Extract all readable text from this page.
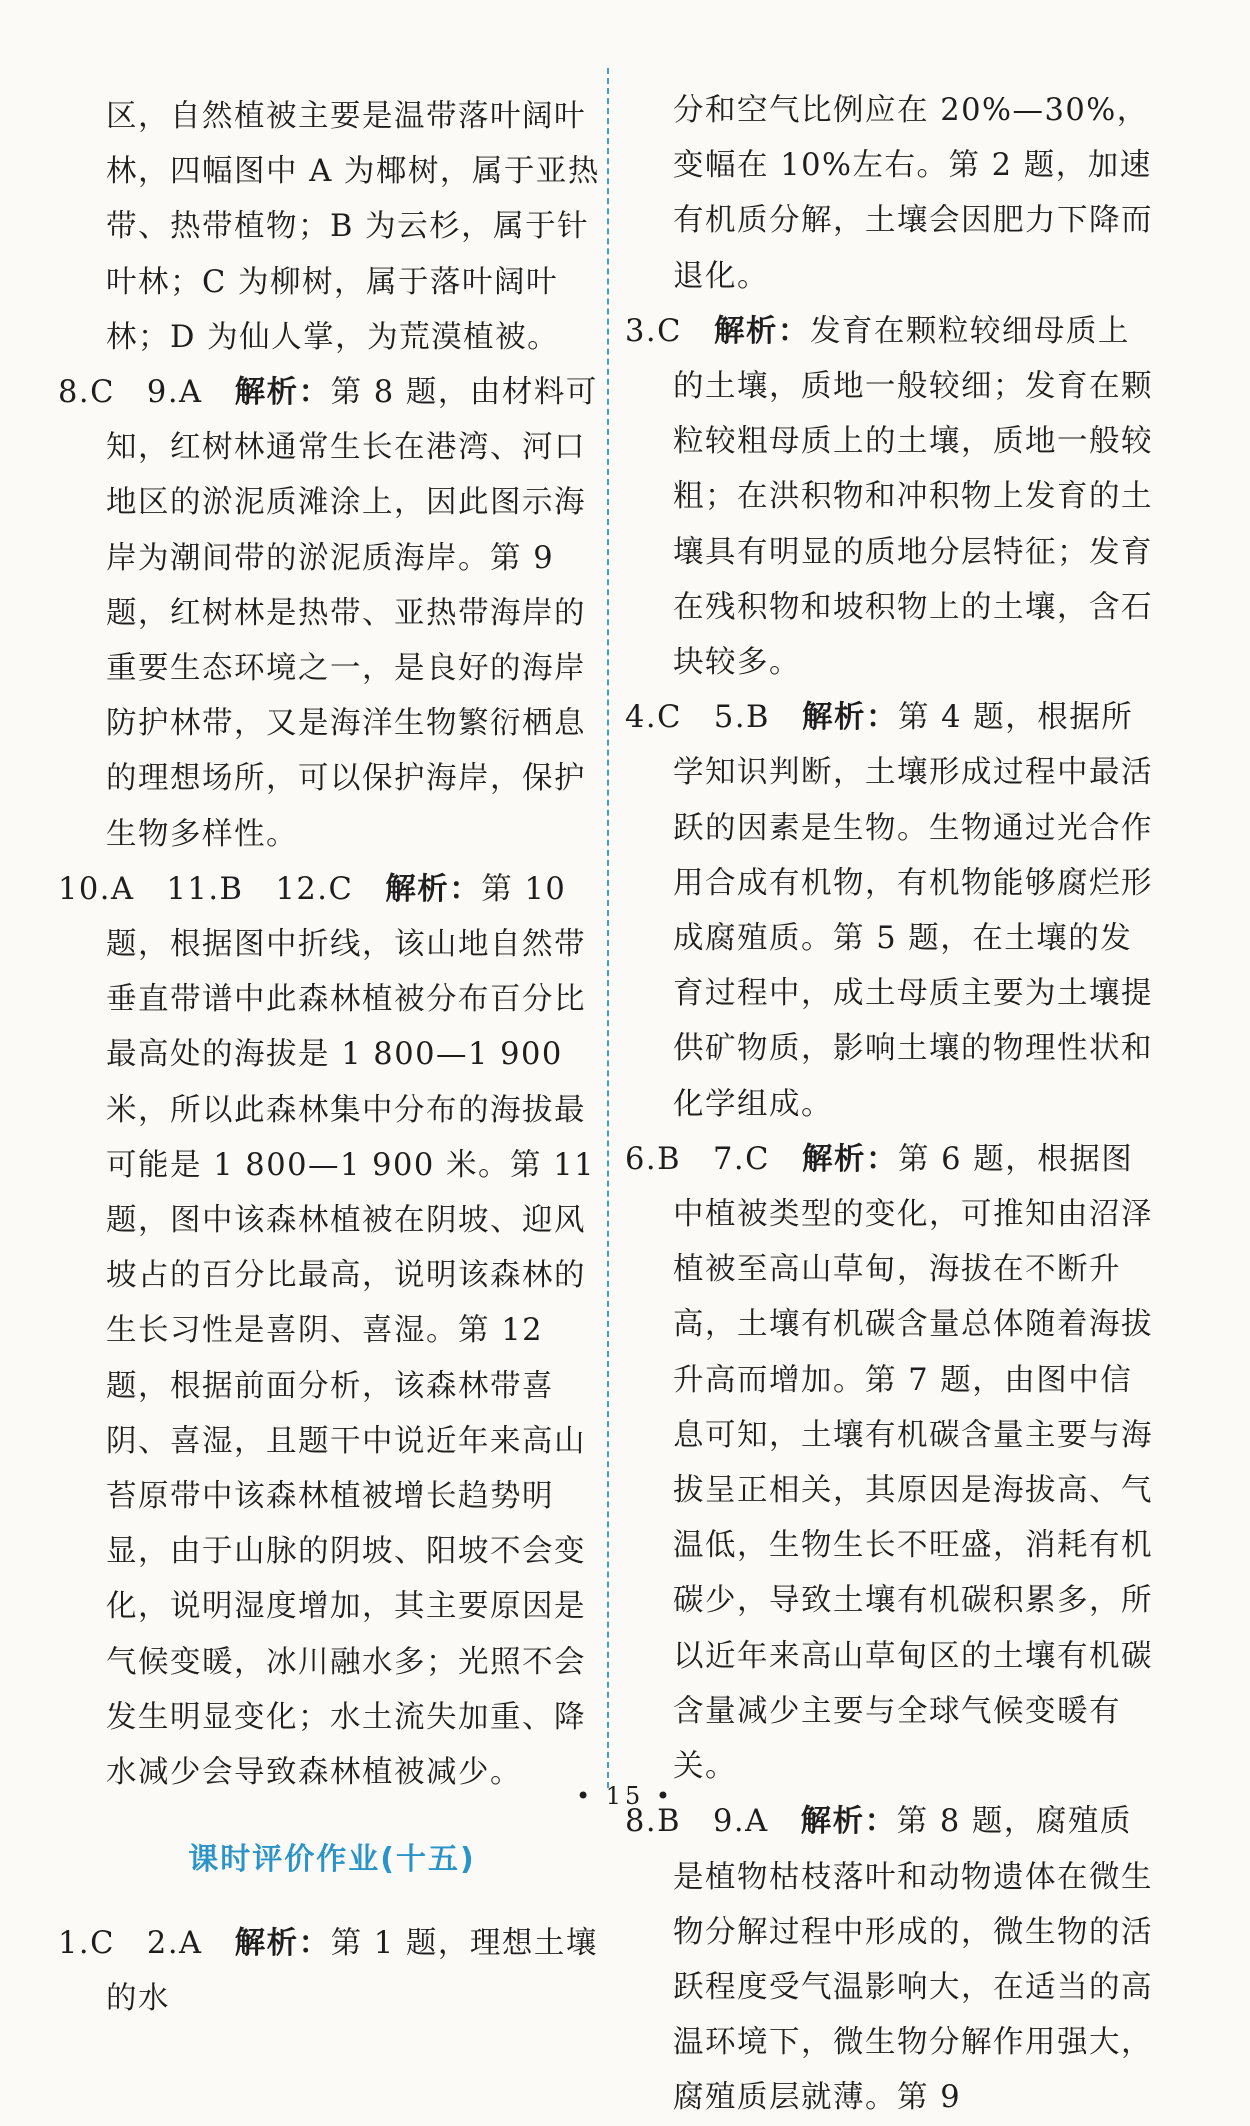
区，自然植被主要是温带落叶阔叶林，四幅图中 A 为椰树，属于亚热带、热带植物；B 为云杉，属于针叶林；C 为柳树，属于落叶阔叶林；D 为仙人掌，为荒漠植被。

8.C　9.A　解析：第 8 题，由材料可知，红树林通常生长在港湾、河口地区的淤泥质滩涂上，因此图示海岸为潮间带的淤泥质海岸。第 9 题，红树林是热带、亚热带海岸的重要生态环境之一，是良好的海岸防护林带，又是海洋生物繁衍栖息的理想场所，可以保护海岸，保护生物多样性。

10.A　11.B　12.C　解析：第 10 题，根据图中折线，该山地自然带垂直带谱中此森林植被分布百分比最高处的海拔是 1 800—1 900 米，所以此森林集中分布的海拔最可能是 1 800—1 900 米。第 11 题，图中该森林植被在阴坡、迎风坡占的百分比最高，说明该森林的生长习性是喜阴、喜湿。第 12 题，根据前面分析，该森林带喜阴、喜湿，且题干中说近年来高山苔原带中该森林植被增长趋势明显，由于山脉的阴坡、阳坡不会变化，说明湿度增加，其主要原因是气候变暖，冰川融水多；光照不会发生明显变化；水土流失加重、降水减少会导致森林植被减少。

课时评价作业(十五)

1.C　2.A　解析：第 1 题，理想土壤的水

分和空气比例应在 20%—30%，变幅在 10%左右。第 2 题，加速有机质分解，土壤会因肥力下降而退化。

3.C　解析：发育在颗粒较细母质上的土壤，质地一般较细；发育在颗粒较粗母质上的土壤，质地一般较粗；在洪积物和冲积物上发育的土壤具有明显的质地分层特征；发育在残积物和坡积物上的土壤，含石块较多。

4.C　5.B　解析：第 4 题，根据所学知识判断，土壤形成过程中最活跃的因素是生物。生物通过光合作用合成有机物，有机物能够腐烂形成腐殖质。第 5 题，在土壤的发育过程中，成土母质主要为土壤提供矿物质，影响土壤的物理性状和化学组成。

6.B　7.C　解析：第 6 题，根据图中植被类型的变化，可推知由沼泽植被至高山草甸，海拔在不断升高，土壤有机碳含量总体随着海拔升高而增加。第 7 题，由图中信息可知，土壤有机碳含量主要与海拔呈正相关，其原因是海拔高、气温低，生物生长不旺盛，消耗有机碳少，导致土壤有机碳积累多，所以近年来高山草甸区的土壤有机碳含量减少主要与全球气候变暖有关。

8.B　9.A　解析：第 8 题，腐殖质是植物枯枝落叶和动物遗体在微生物分解过程中形成的，微生物的活跃程度受气温影响大，在适当的高温环境下，微生物分解作用强大，腐殖质层就薄。第 9

• 15 •
